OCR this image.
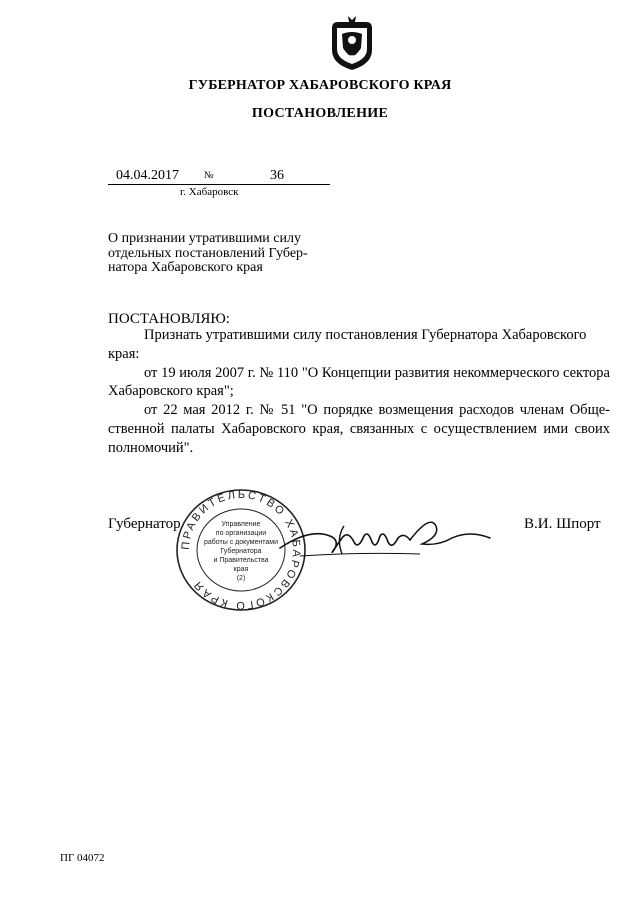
ГУБЕРНАТОР ХАБАРОВСКОГО КРАЯ
ПОСТАНОВЛЕНИЕ
04.04.2017	№	36
г. Хабаровск
О признании утратившими силу отдельных постановлений Губер- натора Хабаровского края
ПОСТАНОВЛЯЮ:

Признать утратившими силу постановления Губернатора Хабаровского

края:

от 19 июля 2007 г. № 110 "О Концепции развития некоммерческого сектора Хабаровского края";

от 22 мая 2012 г. № 51 "О порядке возмещения расходов членам Обще- ственной палаты Хабаровского края, связанных с осуществлением ими своих полномочий".

Губернатор	В.И. Шпорт
ПРАВИТЕЛЬСТВО ХАБАРОВСКОГО КРАЯ
Управление
по организации
работы с документами
Губернатора
и Правительства
края
(2)
ПГ 04072
